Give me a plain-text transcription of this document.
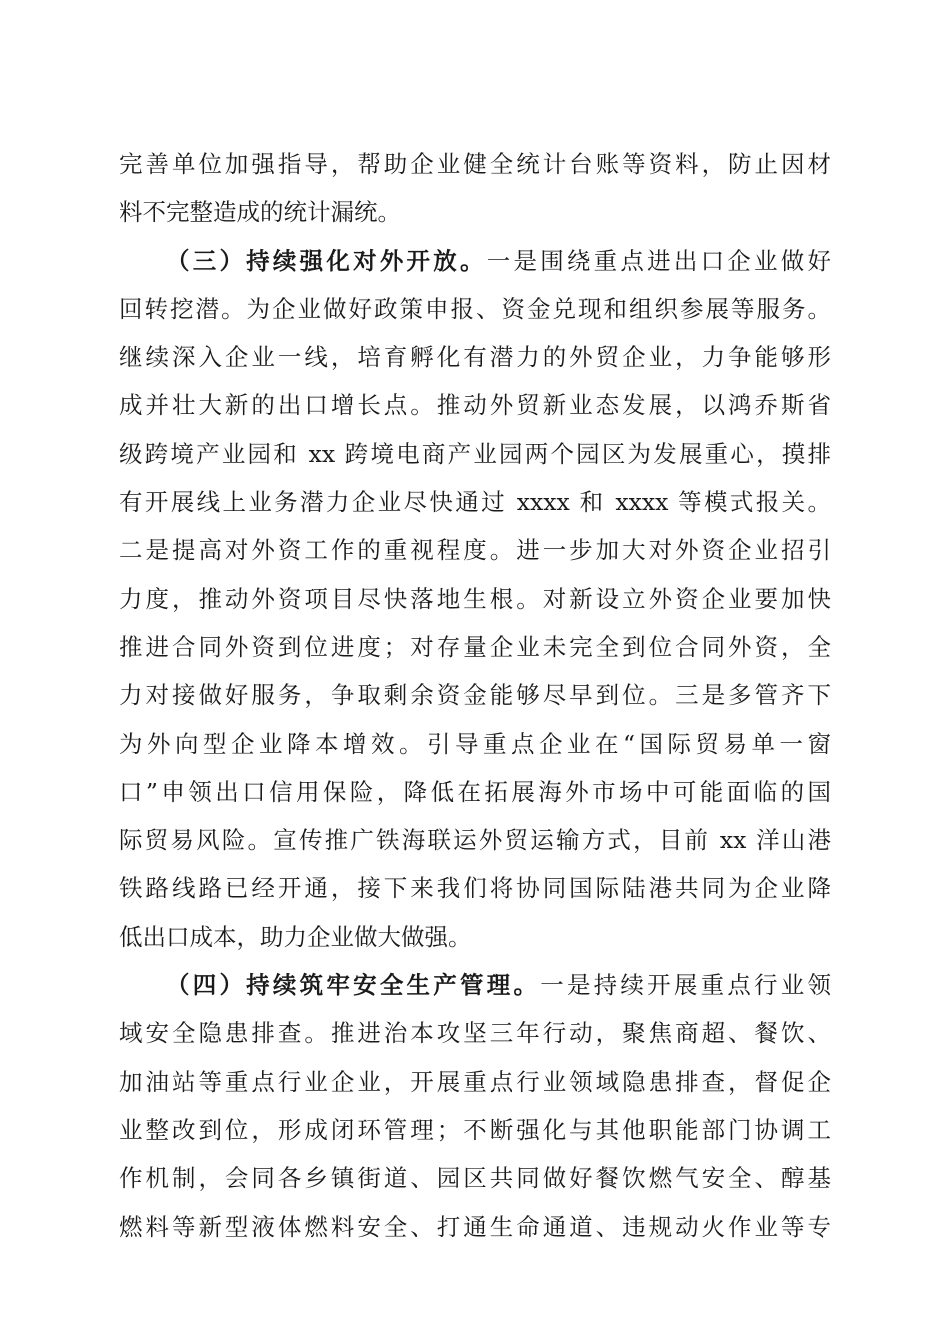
完善单位加强指导，帮助企业健全统计台账等资料，防止因材
料不完整造成的统计漏统。
（三）持续强化对外开放。一是围绕重点进出口企业做好
回转挖潜。为企业做好政策申报、资金兑现和组织参展等服务。
继续深入企业一线，培育孵化有潜力的外贸企业，力争能够形
成并壮大新的出口增长点。推动外贸新业态发展，以鸿乔斯省
级跨境产业园和 xx 跨境电商产业园两个园区为发展重心，摸排
有开展线上业务潜力企业尽快通过 xxxx 和 xxxx 等模式报关。
二是提高对外资工作的重视程度。进一步加大对外资企业招引
力度，推动外资项目尽快落地生根。对新设立外资企业要加快
推进合同外资到位进度；对存量企业未完全到位合同外资，全
力对接做好服务，争取剩余资金能够尽早到位。三是多管齐下
为外向型企业降本增效。引导重点企业在“国际贸易单一窗
口”申领出口信用保险，降低在拓展海外市场中可能面临的国
际贸易风险。宣传推广铁海联运外贸运输方式，目前 xx 洋山港
铁路线路已经开通，接下来我们将协同国际陆港共同为企业降
低出口成本，助力企业做大做强。
（四）持续筑牢安全生产管理。一是持续开展重点行业领
域安全隐患排查。推进治本攻坚三年行动，聚焦商超、餐饮、
加油站等重点行业企业，开展重点行业领域隐患排查，督促企
业整改到位，形成闭环管理；不断强化与其他职能部门协调工
作机制，会同各乡镇街道、园区共同做好餐饮燃气安全、醇基
燃料等新型液体燃料安全、打通生命通道、违规动火作业等专
